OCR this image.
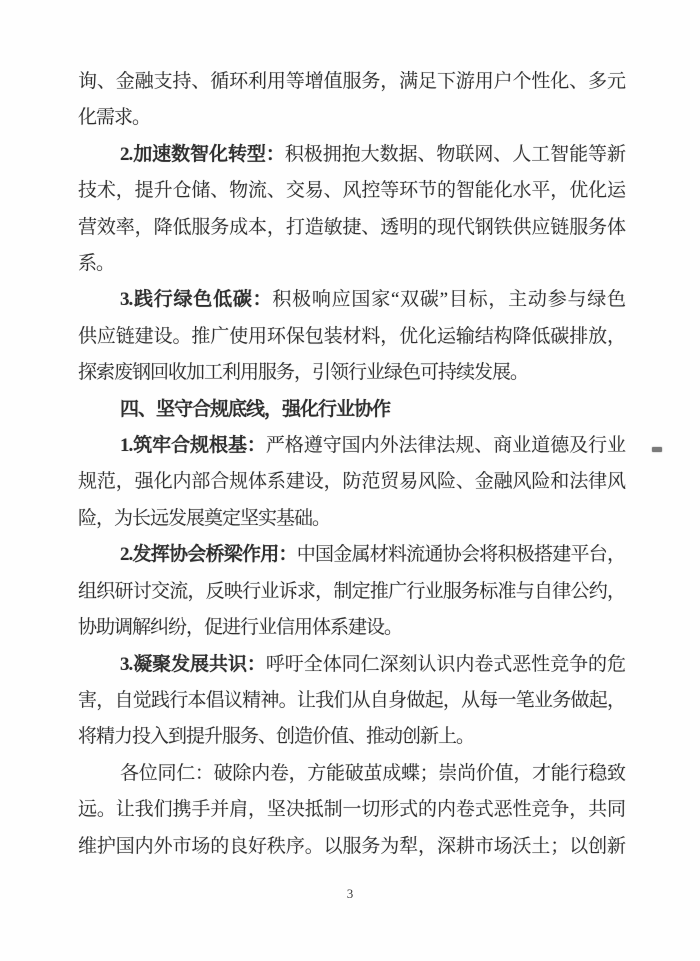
询、金融支持、循环利用等增值服务，满足下游用户个性化、多元
化需求。
2.加速数智化转型：积极拥抱大数据、物联网、人工智能等新
技术，提升仓储、物流、交易、风控等环节的智能化水平，优化运
营效率，降低服务成本，打造敏捷、透明的现代钢铁供应链服务体
系。
3.践行绿色低碳：积极响应国家“双碳”目标，主动参与绿色
供应链建设。推广使用环保包装材料，优化运输结构降低碳排放，
探索废钢回收加工利用服务，引领行业绿色可持续发展。
四、坚守合规底线，强化行业协作
1.筑牢合规根基：严格遵守国内外法律法规、商业道德及行业
规范，强化内部合规体系建设，防范贸易风险、金融风险和法律风
险，为长远发展奠定坚实基础。
2.发挥协会桥梁作用：中国金属材料流通协会将积极搭建平台，
组织研讨交流，反映行业诉求，制定推广行业服务标准与自律公约，
协助调解纠纷，促进行业信用体系建设。
3.凝聚发展共识：呼吁全体同仁深刻认识内卷式恶性竞争的危
害，自觉践行本倡议精神。让我们从自身做起，从每一笔业务做起，
将精力投入到提升服务、创造价值、推动创新上。
各位同仁：破除内卷，方能破茧成蝶；崇尚价值，才能行稳致
远。让我们携手并肩，坚决抵制一切形式的内卷式恶性竞争，共同
维护国内外市场的良好秩序。以服务为犁，深耕市场沃土；以创新
3
